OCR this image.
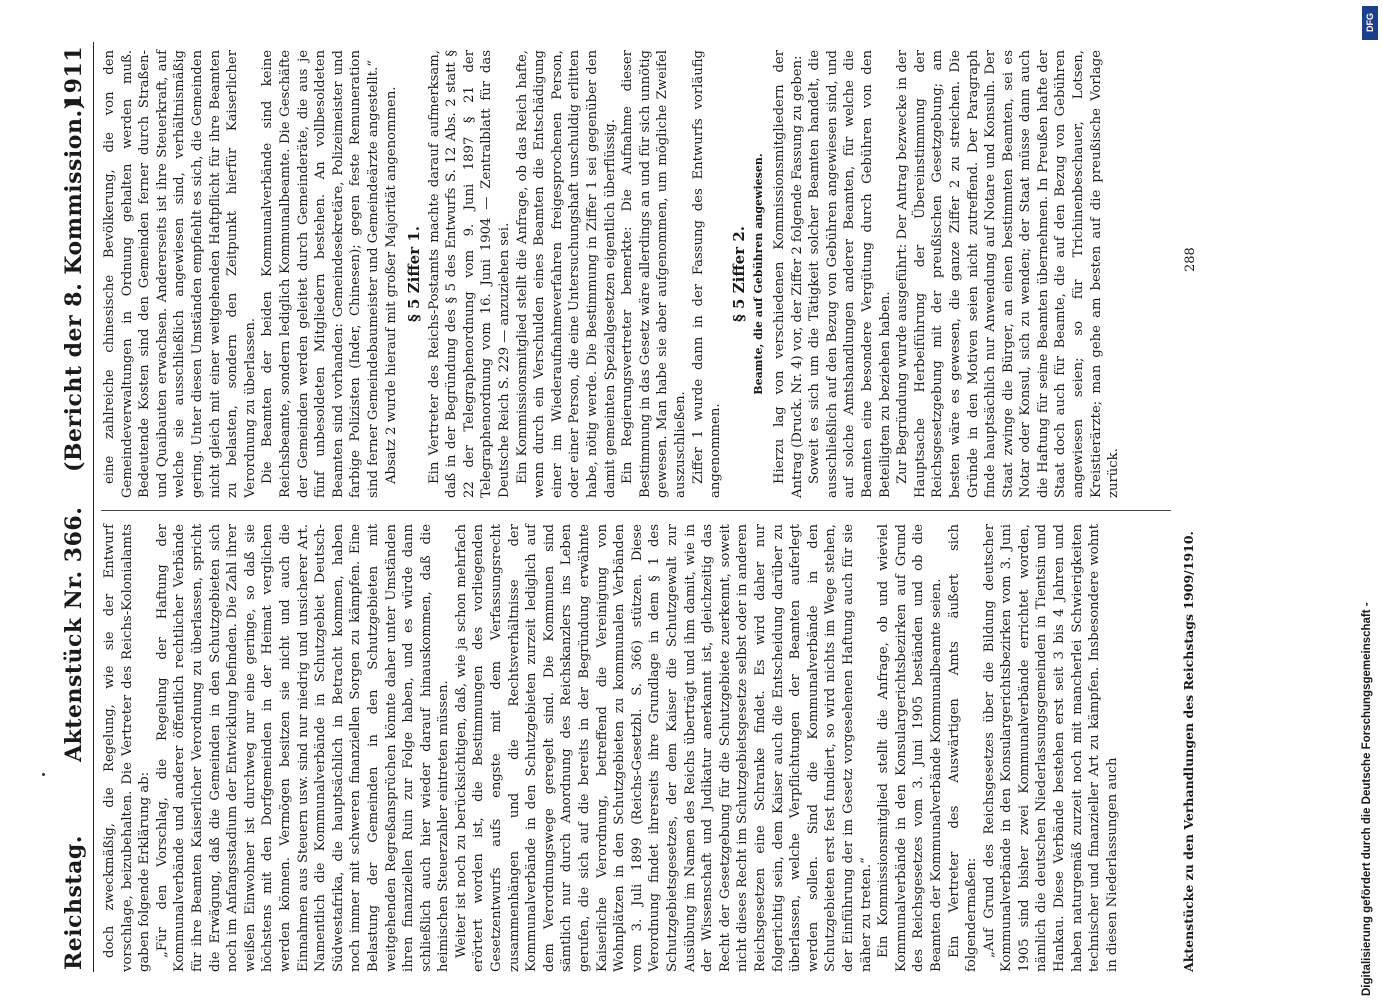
Reichstag.
Aktenstück Nr. 366.
(Bericht der 8. Kommission.)
1911

doch zweckmäßig, die Regelung, wie sie der Entwurf vorschlage, beizubehalten. Die Vertreter des Reichs-Kolonialamts gaben folgende Erklärung ab: „Für den Vorschlag, die Regelung der Haftung der Kommunalverbände und anderer öffentlich rechtlicher Verbände für ihre Beamten Kaiserlicher Verordnung zu überlassen, spricht die Erwägung, daß die Gemeinden in den Schutzgebieten sich noch im Anfangsstadium der Entwicklung befinden. Die Zahl ihrer weißen Einwohner ist durchweg nur eine geringe, so daß sie höchstens mit den Dorfgemeinden in der Heimat verglichen werden können. Vermögen besitzen sie nicht und auch die Einnahmen aus Steuern usw. sind nur niedrig und unsicherer Art. Namentlich die Kommunalverbände in Schutzgebiet Deutsch-Südwestafrika, die hauptsächlich in Betracht kommen, haben noch immer mit schweren finanziellen Sorgen zu kämpfen. Eine Belastung der Gemeinden in den Schutzgebieten mit weitgehenden Regreßansprüchen könnte daher unter Umständen ihren finanziellen Ruin zur Folge haben, und es würde dann schließlich auch hier wieder darauf hinauskommen, daß die heimischen Steuerzahler eintreten müssen. Weiter ist noch zu berücksichtigen, daß, wie ja schon mehrfach erörtert worden ist, die Bestimmungen des vorliegenden Gesetzentwurfs aufs engste mit dem Verfassungsrecht zusammenhängen und die Rechtsverhältnisse der Kommunalverbände in den Schutzgebieten zurzeit lediglich auf dem Verordnungswege geregelt sind. Die Kommunen sind sämtlich nur durch Anordnung des Reichskanzlers ins Leben gerufen, die sich auf die bereits in der Begründung erwähnte Kaiserliche Verordnung, betreffend die Vereinigung von Wohnplätzen in den Schutzgebieten zu kommunalen Verbänden vom 3. Juli 1899 (Reichs-Gesetzbl. S. 366) stützen. Diese Verordnung findet ihrerseits ihre Grundlage in dem § 1 des Schutzgebietsgesetzes, der dem Kaiser die Schutzgewalt zur Ausübung im Namen des Reichs überträgt und ihm damit, wie in der Wissenschaft und Judikatur anerkannt ist, gleichzeitig das Recht der Gesetzgebung für die Schutzgebiete zuerkennt, soweit nicht dieses Recht im Schutzgebietsgesetze selbst oder in anderen Reichsgesetzen eine Schranke findet. Es wird daher nur folgerichtig sein, dem Kaiser auch die Entscheidung darüber zu überlassen, welche Verpflichtungen der Beamten auferlegt werden sollen. Sind die Kommunalverbände in den Schutzgebieten erst fest fundiert, so wird nichts im Wege stehen, der Einführung der im Gesetz vorgesehenen Haftung auch für sie näher zu treten.“ Ein Kommissionsmitglied stellt die Anfrage, ob und wieviel Kommunalverbände in den Konsulargerichtsbezirken auf Grund des Reichsgesetzes vom 3. Juni 1905 beständen und ob die Beamten der Kommunalverbände Kommunalbeamte seien. Ein Vertreter des Auswärtigen Amts äußert sich folgendermaßen: „Auf Grund des Reichsgesetzes über die Bildung deutscher Kommunalverbände in den Konsulargerichtsbezirken vom 3. Juni 1905 sind bisher zwei Kommunalverbände errichtet worden, nämlich die deutschen Niederlassungsgemeinden in Tientsin und Hankau. Diese Verbände bestehen erst seit 3 bis 4 Jahren und haben naturgemäß zurzeit noch mit mancherlei Schwierigkeiten technischer und finanzieller Art zu kämpfen. Insbesondere wohnt in diesen Niederlassungen auch

eine zahlreiche chinesische Bevölkerung, die von den Gemeindeverwaltungen in Ordnung gehalten werden muß. Bedeutende Kosten sind den Gemeinden ferner durch Straßen- und Quaibauten erwachsen. Andererseits ist ihre Steuerkraft, auf welche sie ausschließlich angewiesen sind, verhältnismäßig gering. Unter diesen Umständen empfiehlt es sich, die Gemeinden nicht gleich mit einer weitgehenden Haftpflicht für ihre Beamten zu belasten, sondern den Zeitpunkt hierfür Kaiserlicher Verordnung zu überlassen. Die Beamten der beiden Kommunalverbände sind keine Reichsbeamte, sondern lediglich Kommunalbeamte. Die Geschäfte der Gemeinden werden geleitet durch Gemeinderäte, die aus je fünf unbesoldeten Mitgliedern bestehen. An vollbesoldeten Beamten sind vorhanden: Gemeindesekretäre, Polizeimeister und farbige Polizisten (Inder, Chinesen); gegen feste Remuneration sind ferner Gemeindebaumeister und Gemeindeärzte angestellt.“ Absatz 2 wurde hierauf mit großer Majorität angenommen. § 5 Ziffer 1. Ein Vertreter des Reichs-Postamts machte darauf aufmerksam, daß in der Begründung des § 5 des Entwurfs S. 12 Abs. 2 statt § 22 der Telegraphenordnung vom 9. Juni 1897 § 21 der Telegraphenordnung vom 16. Juni 1904 — Zentralblatt für das Deutsche Reich S. 229 — anzuziehen sei. Ein Kommissionsmitglied stellt die Anfrage, ob das Reich hafte, wenn durch ein Verschulden eines Beamten die Entschädigung einer im Wiederaufnahmeverfahren freigesprochenen Person, oder einer Person, die eine Untersuchungshaft unschuldig erlitten habe, nötig werde. Die Bestimmung in Ziffer 1 sei gegenüber den damit gemeinten Spezialgesetzen eigentlich überflüssig. Ein Regierungsvertreter bemerkte: Die Aufnahme dieser Bestimmung in das Gesetz wäre allerdings an und für sich unnötig gewesen. Man habe sie aber aufgenommen, um mögliche Zweifel auszuschließen. Ziffer 1 wurde dann in der Fassung des Entwurfs vorläufig angenommen.

§ 5 Ziffer 2. Beamte, die auf Gebühren angewiesen. Hierzu lag von verschiedenen Kommissionsmitgliedern der Antrag (Druck. Nr. 4) vor, der Ziffer 2 folgende Fassung zu geben: Soweit es sich um die Tätigkeit solcher Beamten handelt, die ausschließlich auf den Bezug von Gebühren angewiesen sind, und auf solche Amtshandlungen anderer Beamten, für welche die Beamten eine besondere Vergütung durch Gebühren von den Beteiligten zu beziehen haben. Zur Begründung wurde ausgeführt: Der Antrag bezwecke in der Hauptsache Herbeiführung der Übereinstimmung der Reichsgesetzgebung mit der preußischen Gesetzgebung; am besten wäre es gewesen, die ganze Ziffer 2 zu streichen. Die Gründe in den Motiven seien nicht zutreffend. Der Paragraph finde hauptsächlich nur Anwendung auf Notare und Konsuln. Der Staat zwinge die Bürger, an einen bestimmten Beamten, sei es Notar oder Konsul, sich zu wenden; der Staat müsse dann auch die Haftung für seine Beamten übernehmen. In Preußen hafte der Staat doch auch für Beamte, die auf den Bezug von Gebühren angewiesen seien; so für Trichinenbeschauer, Lotsen, Kreistierärzte; man gehe am besten auf die preußische Vorlage zurück.

Aktenstücke zu den Verhandlungen des Reichstags 1909/1910.
288
Digitalisierung gefördert durch die Deutsche Forschungsgemeinschaft -
DFG
